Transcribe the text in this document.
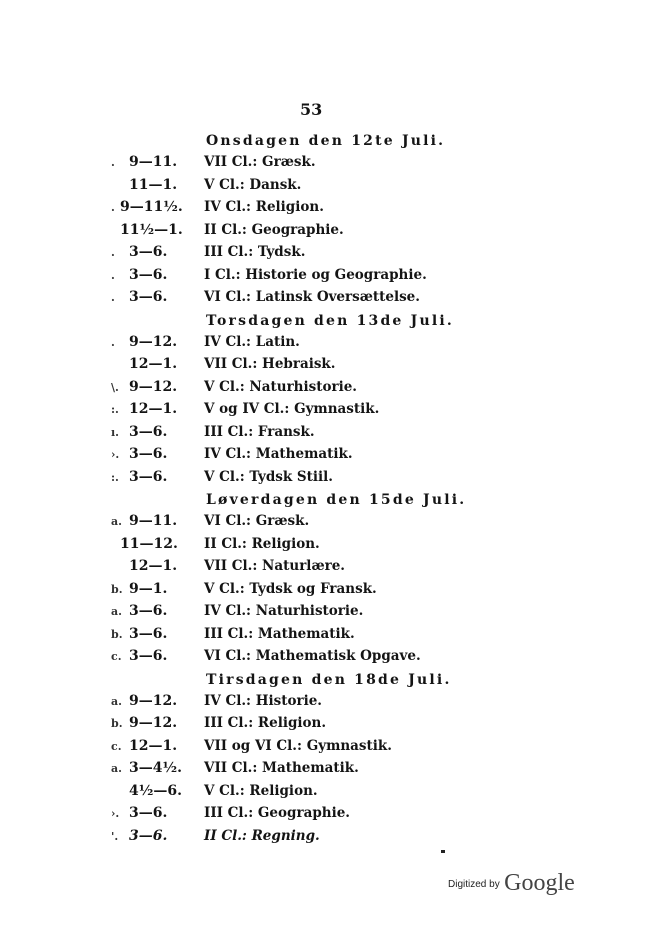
53
Onsdagen den 12te Juli.
. 9—11. VII Cl.: Græsk.
11—1. V Cl.: Dansk.
. 9—11½. IV Cl.: Religion.
11½—1. II Cl.: Geographie.
. 3—6.	III Cl.: Tydsk.
. 3—6.	I Cl.: Historie og Geographie.
. 3—6.	VI Cl.: Latinsk Oversættelse.
Torsdagen den 13de Juli.
. 9—12. IV Cl.: Latin.
12—1. VII Cl.: Hebraisk.
\. 9—12. V Cl.: Naturhistorie.
:. 12—1. V og IV Cl.: Gymnastik.
ı. 3—6.	III Cl.: Fransk.
›. 3—6.	IV Cl.: Mathematik.
:. 3—6.	V Cl.: Tydsk Stiil.
Løverdagen den 15de Juli.
a. 9—11. VI Cl.: Græsk.
11—12. II Cl.: Religion.
12—1. VII Cl.: Naturlære.
b. 9—1.	V Cl.: Tydsk og Fransk.
a. 3—6.	IV Cl.: Naturhistorie.
b. 3—6.	III Cl.: Mathematik.
c. 3—6.	VI Cl.: Mathematisk Opgave.
Tirsdagen den 18de Juli.
a. 9—12. IV Cl.: Historie.
b. 9—12. III Cl.: Religion.
c. 12—1. VII og VI Cl.: Gymnastik.
a. 3—4½. VII Cl.: Mathematik.
4½—6. V Cl.: Religion.
›. 3—6.	III Cl.: Geographie.
'. 3—6.	II Cl.: Regning.
Digitized by Google
